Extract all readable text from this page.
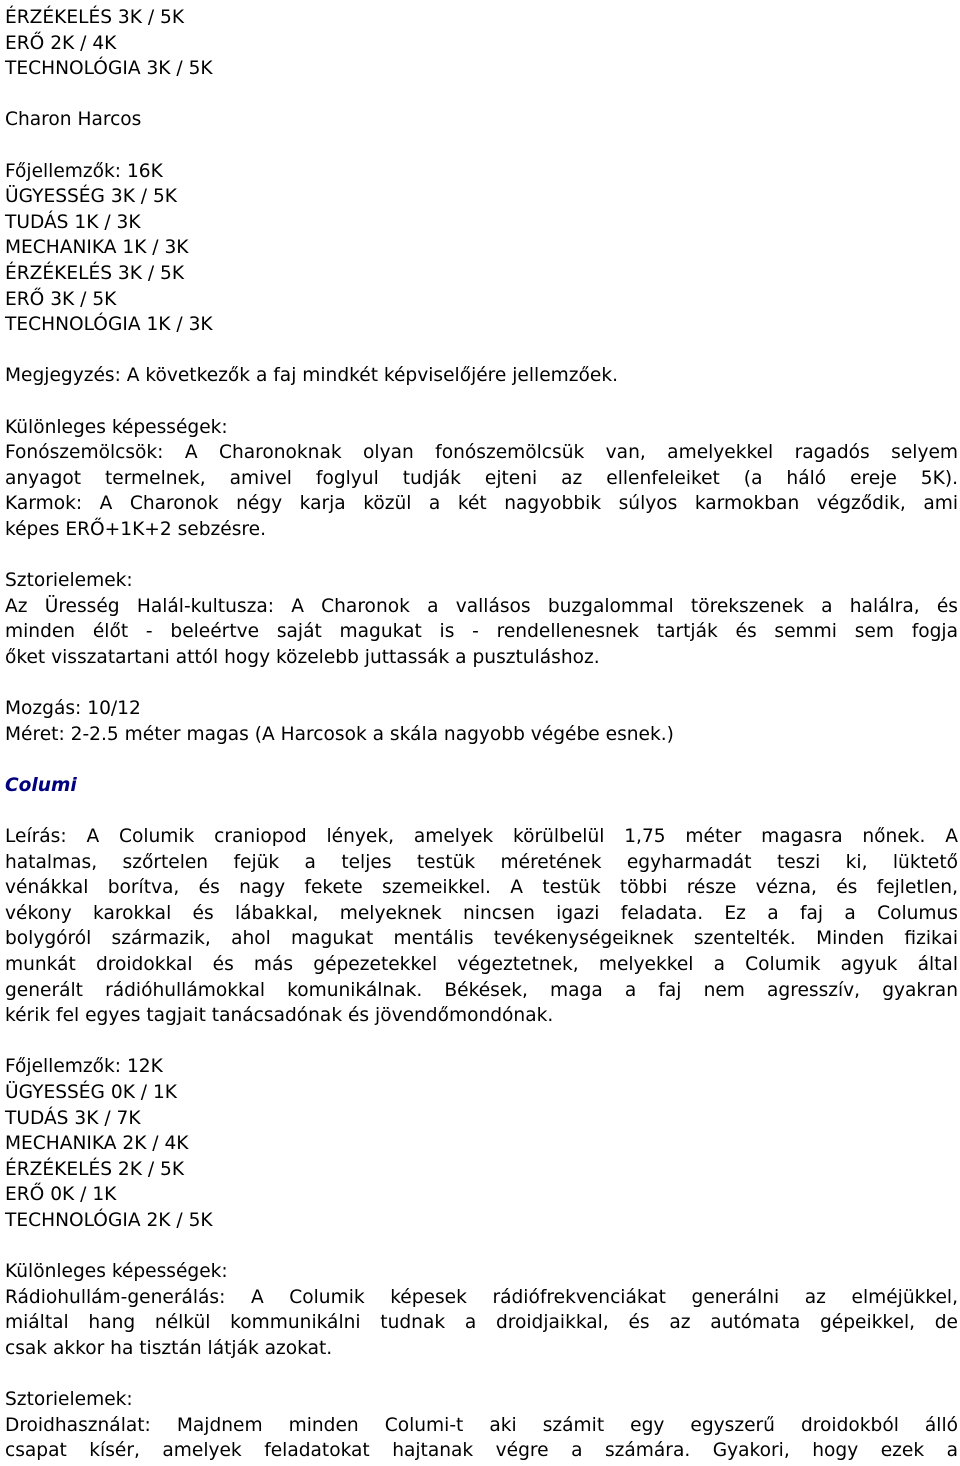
ÉRZÉKELÉS 3K / 5K
ERŐ 2K / 4K
TECHNOLÓGIA 3K / 5K
Charon Harcos
Főjellemzők: 16K
ÜGYESSÉG 3K / 5K
TUDÁS 1K / 3K
MECHANIKA 1K / 3K
ÉRZÉKELÉS 3K / 5K
ERŐ 3K / 5K
TECHNOLÓGIA 1K / 3K
Megjegyzés: A következők a faj mindkét képviselőjére jellemzőek.
Különleges képességek:
Fonószemölcsök: A Charonoknak olyan fonószemölcsük van, amelyekkel ragadós selyem
anyagot termelnek, amivel foglyul tudják ejteni az ellenfeleiket (a háló ereje 5K).
Karmok: A Charonok négy karja közül a két nagyobbik súlyos karmokban végződik, ami
képes ERŐ+1K+2 sebzésre.
Sztorielemek:
Az Üresség Halál-kultusza: A Charonok a vallásos buzgalommal törekszenek a halálra, és
minden élőt - beleértve saját magukat is - rendellenesnek tartják és semmi sem fogja
őket visszatartani attól hogy közelebb juttassák a pusztuláshoz.
Mozgás: 10/12
Méret: 2-2.5 méter magas (A Harcosok a skála nagyobb végébe esnek.)
Columi
Leírás: A Columik craniopod lények, amelyek körülbelül 1,75 méter magasra nőnek. A
hatalmas, szőrtelen fejük a teljes testük méretének egyharmadát teszi ki, lüktető
vénákkal borítva, és nagy fekete szemeikkel. A testük többi része vézna, és fejletlen,
vékony karokkal és lábakkal, melyeknek nincsen igazi feladata. Ez a faj a Columus
bolygóról származik, ahol magukat mentális tevékenységeiknek szentelték. Minden fizikai
munkát droidokkal és más gépezetekkel végeztetnek, melyekkel a Columik agyuk által
generált rádióhullámokkal komunikálnak. Békések, maga a faj nem agresszív, gyakran
kérik fel egyes tagjait tanácsadónak és jövendőmondónak.
Főjellemzők: 12K
ÜGYESSÉG 0K / 1K
TUDÁS 3K / 7K
MECHANIKA 2K / 4K
ÉRZÉKELÉS 2K / 5K
ERŐ 0K / 1K
TECHNOLÓGIA 2K / 5K
Különleges képességek:
Rádiohullám-generálás: A Columik képesek rádiófrekvenciákat generálni az elméjükkel,
miáltal hang nélkül kommunikálni tudnak a droidjaikkal, és az autómata gépeikkel, de
csak akkor ha tisztán látják azokat.
Sztorielemek:
Droidhasználat: Majdnem minden Columi-t aki számit egy egyszerű droidokból álló
csapat kísér, amelyek feladatokat hajtanak végre a számára. Gyakori, hogy ezek a
